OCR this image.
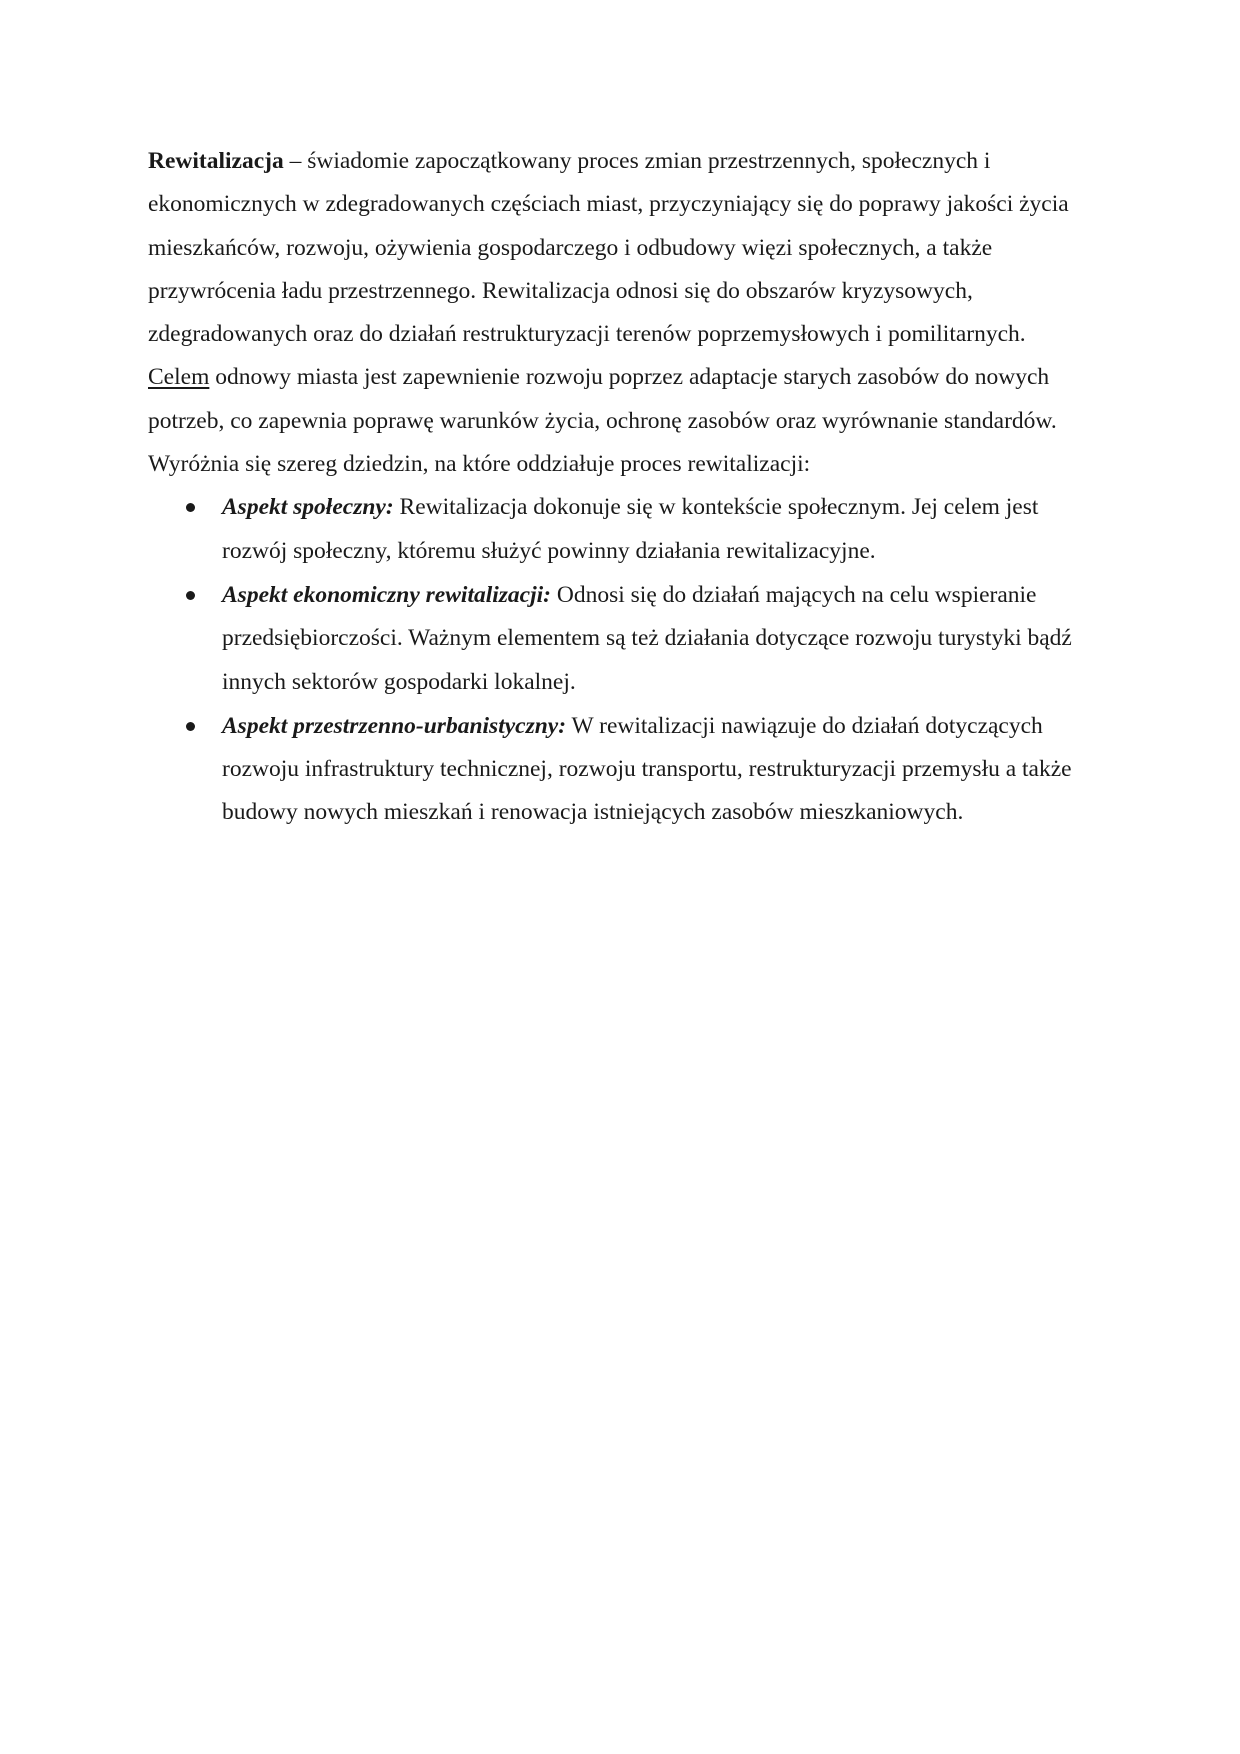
Rewitalizacja – świadomie zapoczątkowany proces zmian przestrzennych, społecznych i ekonomicznych w zdegradowanych częściach miast, przyczyniający się do poprawy jakości życia mieszkańców, rozwoju, ożywienia gospodarczego i odbudowy więzi społecznych, a także przywrócenia ładu przestrzennego. Rewitalizacja odnosi się do obszarów kryzysowych, zdegradowanych oraz do działań restrukturyzacji terenów poprzemysłowych i pomilitarnych.

Celem odnowy miasta jest zapewnienie rozwoju poprzez adaptacje starych zasobów do nowych potrzeb, co zapewnia poprawę warunków życia, ochronę zasobów oraz wyrównanie standardów.

Wyróżnia się szereg dziedzin, na które oddziałuje proces rewitalizacji:

Aspekt społeczny: Rewitalizacja dokonuje się w kontekście społecznym. Jej celem jest rozwój społeczny, któremu służyć powinny działania rewitalizacyjne.
Aspekt ekonomiczny rewitalizacji: Odnosi się do działań mających na celu wspieranie przedsiębiorczości. Ważnym elementem są też działania dotyczące rozwoju turystyki bądź innych sektorów gospodarki lokalnej.
Aspekt przestrzenno-urbanistyczny: W rewitalizacji nawiązuje do działań dotyczących rozwoju infrastruktury technicznej, rozwoju transportu, restrukturyzacji przemysłu a także budowy nowych mieszkań i renowacja istniejących zasobów mieszkaniowych.
